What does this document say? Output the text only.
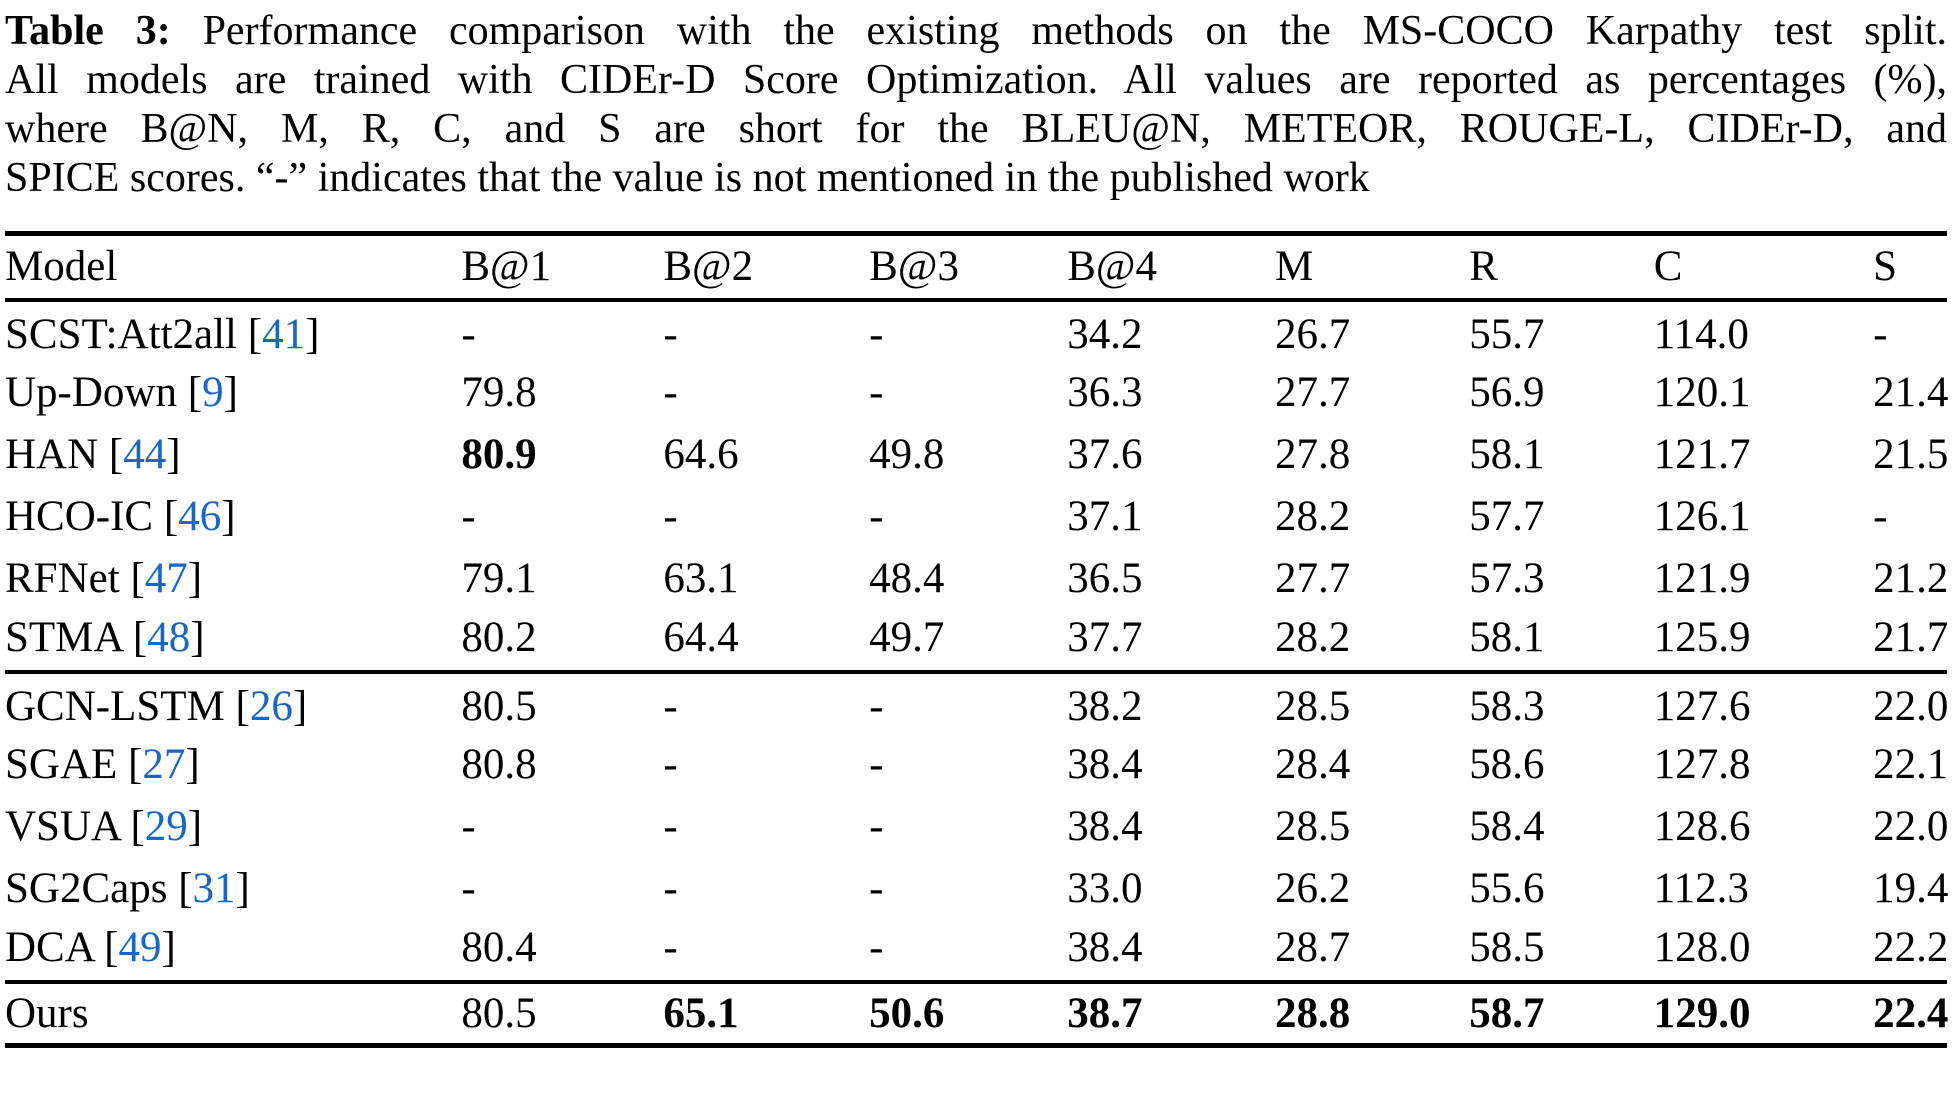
Table 3: Performance comparison with the existing methods on the MS-COCO Karpathy test split.
All models are trained with CIDEr-D Score Optimization. All values are reported as percentages (%),
where B@N, M, R, C, and S are short for the BLEU@N, METEOR, ROUGE-L, CIDEr-D, and
SPICE scores. “-” indicates that the value is not mentioned in the published work
Model	B@1	B@2	B@3	B@4	M	R	C	S
SCST:Att2all [41]	-	-	-	34.2	26.7	55.7	114.0	-
Up-Down [9]	79.8	-	-	36.3	27.7	56.9	120.1	21.4
HAN [44]	80.9	64.6	49.8	37.6	27.8	58.1	121.7	21.5
HCO-IC [46]	-	-	-	37.1	28.2	57.7	126.1	-
RFNet [47]	79.1	63.1	48.4	36.5	27.7	57.3	121.9	21.2
STMA [48]	80.2	64.4	49.7	37.7	28.2	58.1	125.9	21.7
GCN-LSTM [26]	80.5	-	-	38.2	28.5	58.3	127.6	22.0
SGAE [27]	80.8	-	-	38.4	28.4	58.6	127.8	22.1
VSUA [29]	-	-	-	38.4	28.5	58.4	128.6	22.0
SG2Caps [31]	-	-	-	33.0	26.2	55.6	112.3	19.4
DCA [49]	80.4	-	-	38.4	28.7	58.5	128.0	22.2
Ours	80.5	65.1	50.6	38.7	28.8	58.7	129.0	22.4
